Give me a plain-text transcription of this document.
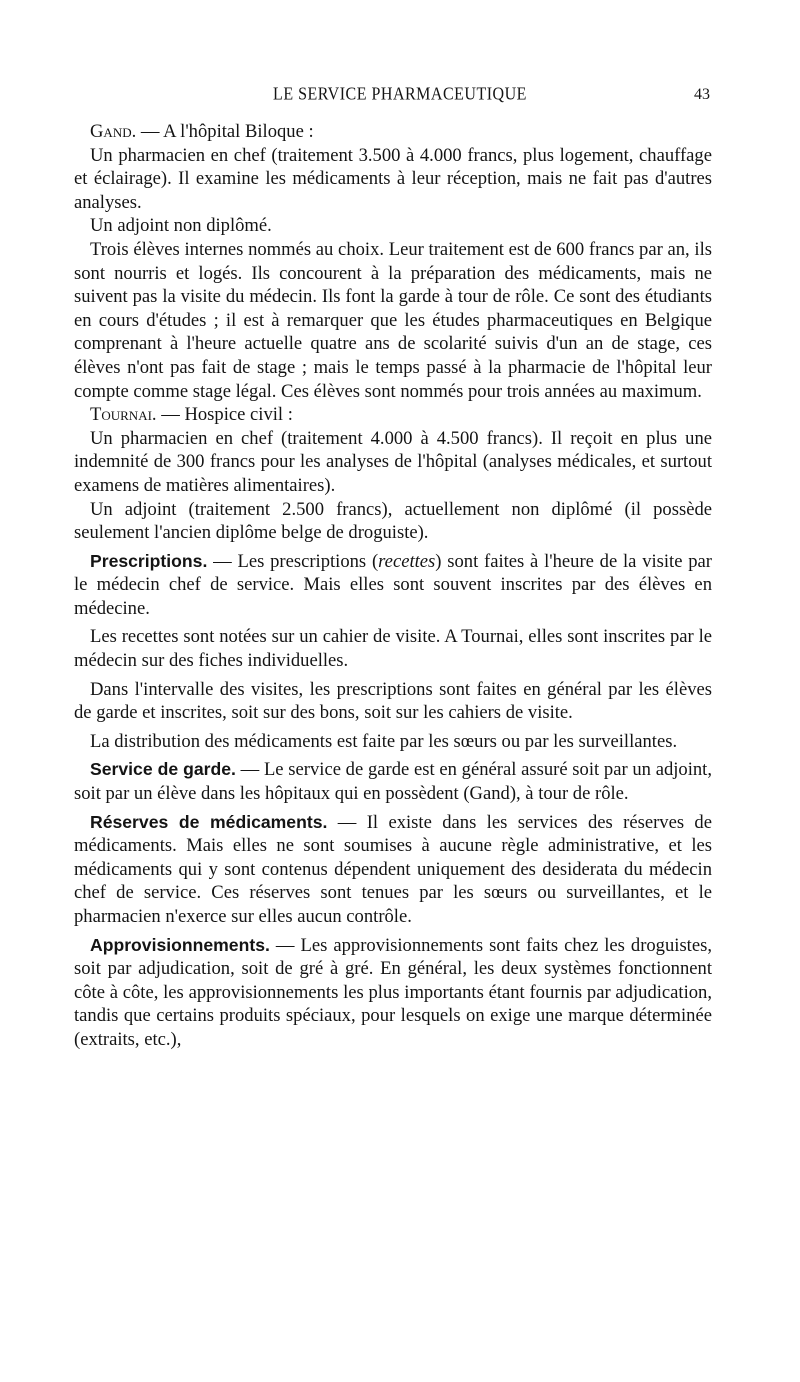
LE SERVICE PHARMACEUTIQUE	43

Gand. — A l'hôpital Biloque :

Un pharmacien en chef (traitement 3.500 à 4.000 francs, plus logement, chauffage et éclairage). Il examine les médicaments à leur réception, mais ne fait pas d'autres analyses.

Un adjoint non diplômé.

Trois élèves internes nommés au choix. Leur traitement est de 600 francs par an, ils sont nourris et logés. Ils concourent à la préparation des médicaments, mais ne suivent pas la visite du médecin. Ils font la garde à tour de rôle. Ce sont des étudiants en cours d'études ; il est à remarquer que les études pharmaceutiques en Belgique comprenant à l'heure actuelle quatre ans de scolarité suivis d'un an de stage, ces élèves n'ont pas fait de stage ; mais le temps passé à la pharmacie de l'hôpital leur compte comme stage légal. Ces élèves sont nommés pour trois années au maximum.

Tournai. — Hospice civil :

Un pharmacien en chef (traitement 4.000 à 4.500 francs). Il reçoit en plus une indemnité de 300 francs pour les analyses de l'hôpital (analyses médicales, et surtout examens de matières alimentaires).

Un adjoint (traitement 2.500 francs), actuellement non diplômé (il possède seulement l'ancien diplôme belge de droguiste).

Prescriptions. — Les prescriptions (recettes) sont faites à l'heure de la visite par le médecin chef de service. Mais elles sont souvent inscrites par des élèves en médecine.

Les recettes sont notées sur un cahier de visite. A Tournai, elles sont inscrites par le médecin sur des fiches individuelles.

Dans l'intervalle des visites, les prescriptions sont faites en général par les élèves de garde et inscrites, soit sur des bons, soit sur les cahiers de visite.

La distribution des médicaments est faite par les sœurs ou par les surveillantes.

Service de garde. — Le service de garde est en général assuré soit par un adjoint, soit par un élève dans les hôpitaux qui en possèdent (Gand), à tour de rôle.

Réserves de médicaments. — Il existe dans les services des réserves de médicaments. Mais elles ne sont soumises à aucune règle administrative, et les médicaments qui y sont contenus dépendent uniquement des desiderata du médecin chef de service. Ces réserves sont tenues par les sœurs ou surveillantes, et le pharmacien n'exerce sur elles aucun contrôle.

Approvisionnements. — Les approvisionnements sont faits chez les droguistes, soit par adjudication, soit de gré à gré. En général, les deux systèmes fonctionnent côte à côte, les approvisionnements les plus importants étant fournis par adjudication, tandis que certains produits spéciaux, pour lesquels on exige une marque déterminée (extraits, etc.),
